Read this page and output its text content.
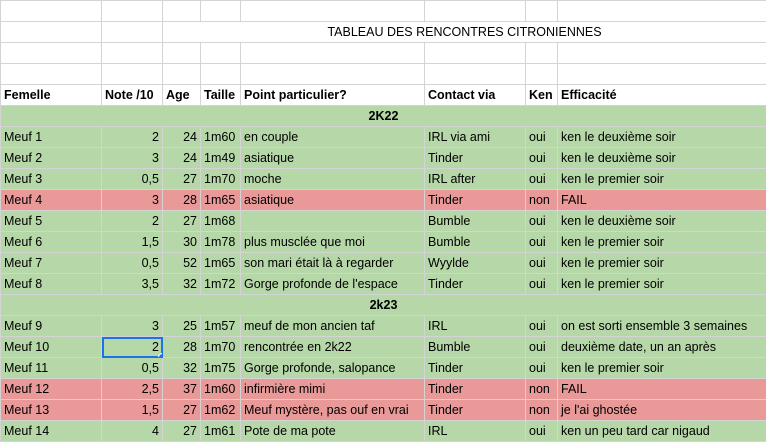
		TABLEAU DES RENCONTRES CITRONIENNES					

Femelle	Note /10	Age	Taille	Point particulier?	Contact via	Ken	Efficacité
2K22							
Meuf 1	2	24	1m60	en couple	IRL via ami	oui	ken le deuxième soir
Meuf 2	3	24	1m49	asiatique	Tinder	oui	ken le deuxième soir
Meuf 3	0,5	27	1m70	moche	IRL after	oui	ken le premier soir
Meuf 4	3	28	1m65	asiatique	Tinder	non	FAIL
Meuf 5	2	27	1m68		Bumble	oui	ken le deuxième soir
Meuf 6	1,5	30	1m78	plus musclée que moi	Bumble	oui	ken le premier soir
Meuf 7	0,5	52	1m65	son mari était là à regarder	Wyylde	oui	ken le premier soir
Meuf 8	3,5	32	1m72	Gorge profonde de l'espace	Tinder	oui	ken le premier soir
2k23							
Meuf 9	3	25	1m57	meuf de mon ancien taf	IRL	oui	on est sorti ensemble 3 semaines
Meuf 10	2	28	1m70	rencontrée en 2k22	Bumble	oui	deuxième date, un an après
Meuf 11	0,5	32	1m75	Gorge profonde, salopance	Tinder	oui	ken le premier soir
Meuf 12	2,5	37	1m60	infirmière mimi	Tinder	non	FAIL
Meuf 13	1,5	27	1m62	Meuf mystère, pas ouf en vrai	Tinder	non	je l'ai ghostée
Meuf 14	4	27	1m61	Pote de ma pote	IRL	oui	ken un peu tard car nigaud
